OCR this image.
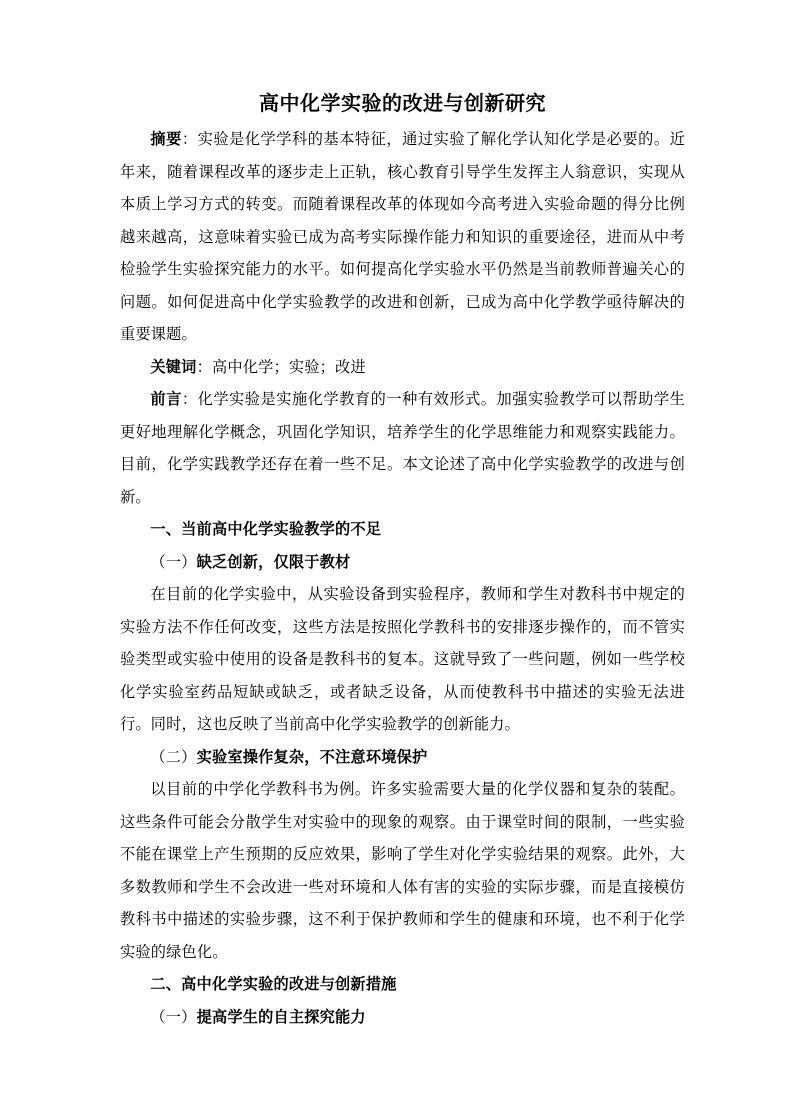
高中化学实验的改进与创新研究

摘要：实验是化学学科的基本特征，通过实验了解化学认知化学是必要的。近年来，随着课程改革的逐步走上正轨，核心教育引导学生发挥主人翁意识，实现从本质上学习方式的转变。而随着课程改革的体现如今高考进入实验命题的得分比例越来越高，这意味着实验已成为高考实际操作能力和知识的重要途径，进而从中考检验学生实验探究能力的水平。如何提高化学实验水平仍然是当前教师普遍关心的问题。如何促进高中化学实验教学的改进和创新，已成为高中化学教学亟待解决的重要课题。

关键词：高中化学；实验；改进

前言：化学实验是实施化学教育的一种有效形式。加强实验教学可以帮助学生更好地理解化学概念，巩固化学知识，培养学生的化学思维能力和观察实践能力。目前，化学实践教学还存在着一些不足。本文论述了高中化学实验教学的改进与创新。

一、当前高中化学实验教学的不足

（一）缺乏创新，仅限于教材

在目前的化学实验中，从实验设备到实验程序，教师和学生对教科书中规定的实验方法不作任何改变，这些方法是按照化学教科书的安排逐步操作的，而不管实验类型或实验中使用的设备是教科书的复本。这就导致了一些问题，例如一些学校化学实验室药品短缺或缺乏，或者缺乏设备，从而使教科书中描述的实验无法进行。同时，这也反映了当前高中化学实验教学的创新能力。

（二）实验室操作复杂，不注意环境保护

以目前的中学化学教科书为例。许多实验需要大量的化学仪器和复杂的装配。这些条件可能会分散学生对实验中的现象的观察。由于课堂时间的限制，一些实验不能在课堂上产生预期的反应效果，影响了学生对化学实验结果的观察。此外，大多数教师和学生不会改进一些对环境和人体有害的实验的实际步骤，而是直接模仿教科书中描述的实验步骤，这不利于保护教师和学生的健康和环境，也不利于化学实验的绿色化。

二、高中化学实验的改进与创新措施

（一）提高学生的自主探究能力
